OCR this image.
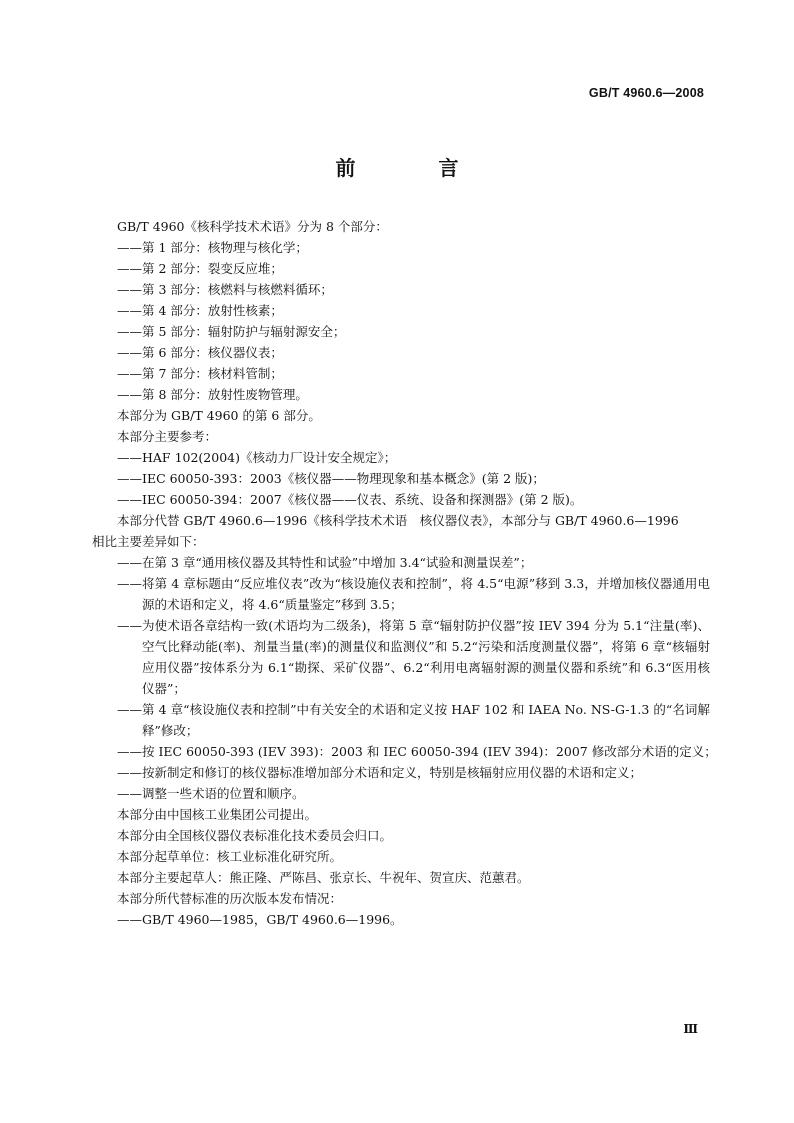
GB/T 4960.6—2008
前 言

GB/T 4960《核科学技术术语》分为 8 个部分：

—— 第 1 部分：核物理与核化学；

—— 第 2 部分：裂变反应堆；

—— 第 3 部分：核燃料与核燃料循环；

—— 第 4 部分：放射性核素；

—— 第 5 部分：辐射防护与辐射源安全；

—— 第 6 部分：核仪器仪表；

—— 第 7 部分：核材料管制；

—— 第 8 部分：放射性废物管理。

本部分为 GB/T 4960 的第 6 部分。

本部分主要参考：

—— HAF 102(2004)《核动力厂设计安全规定》；

—— IEC 60050-393：2003《核仪器——物理现象和基本概念》(第 2 版)；

—— IEC 60050-394：2007《核仪器——仪表、系统、设备和探测器》(第 2 版)。

本部分代替 GB/T 4960.6—1996《核科学技术术语　核仪器仪表》，本部分与 GB/T 4960.6—1996

相比主要差异如下：

—— 在第 3 章“通用核仪器及其特性和试验”中增加 3.4“试验和测量误差”；

—— 将第 4 章标题由“反应堆仪表”改为“核设施仪表和控制”，将 4.5“电源”移到 3.3，并增加核仪器通用电源的术语和定义，将 4.6“质量鉴定”移到 3.5；

—— 为使术语各章结构一致(术语均为二级条)，将第 5 章“辐射防护仪器”按 IEV 394 分为 5.1“注量(率)、空气比释动能(率)、剂量当量(率)的测量仪和监测仪”和 5.2“污染和活度测量仪器”，将第 6 章“核辐射应用仪器”按体系分为 6.1“勘探、采矿仪器”、6.2“利用电离辐射源的测量仪器和系统”和 6.3“医用核仪器”；

—— 第 4 章“核设施仪表和控制”中有关安全的术语和定义按 HAF 102 和 IAEA No. NS-G-1.3 的“名词解释”修改；

—— 按 IEC 60050-393 (IEV 393)：2003 和 IEC 60050-394 (IEV 394)：2007 修改部分术语的定义；

—— 按新制定和修订的核仪器标准增加部分术语和定义，特别是核辐射应用仪器的术语和定义；

—— 调整一些术语的位置和顺序。

本部分由中国核工业集团公司提出。

本部分由全国核仪器仪表标准化技术委员会归口。

本部分起草单位：核工业标准化研究所。

本部分主要起草人：熊正隆、严陈昌、张京长、牛祝年、贺宣庆、范蕙君。

本部分所代替标准的历次版本发布情况：

—— GB/T 4960—1985，GB/T 4960.6—1996。

Ⅲ
